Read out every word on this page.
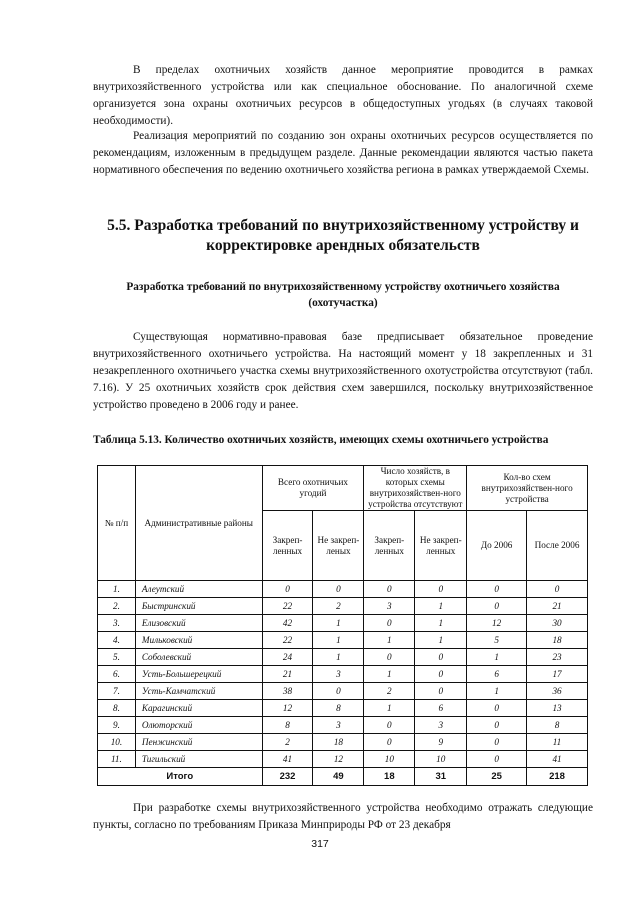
В пределах охотничьих хозяйств данное мероприятие проводится в рамках внутрихозяйственного устройства или как специальное обоснование. По аналогичной схеме организуется зона охраны охотничьих ресурсов в общедоступных угодьях (в случаях таковой необходимости).

Реализация мероприятий по созданию зон охраны охотничьих ресурсов осуществляется по рекомендациям, изложенным в предыдущем разделе. Данные рекомендации являются частью пакета нормативного обеспечения по ведению охотничьего хозяйства региона в рамках утверждаемой Схемы.

5.5. Разработка требований по внутрихозяйственному устройству и корректировке арендных обязательств
Разработка требований по внутрихозяйственному устройству охотничьего хозяйства (охотучастка)

Существующая нормативно-правовая базе предписывает обязательное проведение внутрихозяйственного охотничьего устройства. На настоящий момент у 18 закрепленных и 31 незакрепленного охотничьего участка схемы внутрихозяйственного охотустройства отсутствуют (табл. 7.16). У 25 охотничьих хозяйств срок действия схем завершился, поскольку внутрихозяйственное устройство проведено в 2006 году и ранее.

Таблица 5.13. Количество охотничьих хозяйств, имеющих схемы охотничьего устройства

№ п/п	Административные районы	Всего охотничьих угодий		Число хозяйств, в которых схемы внутрихозяйствен-ного устройства отсутствуют		Кол-во схем внутрихозяйствен-ного устройства	
		Закреп-ленных	Не закреп-леных	Закреп-ленных	Не закреп-ленных	До 2006	После 2006
1.	Алеутский	0	0	0	0	0	0
2.	Быстринский	22	2	3	1	0	21
3.	Елизовский	42	1	0	1	12	30
4.	Мильковский	22	1	1	1	5	18
5.	Соболевский	24	1	0	0	1	23
6.	Усть-Большерецкий	21	3	1	0	6	17
7.	Усть-Камчатский	38	0	2	0	1	36
8.	Карагинский	12	8	1	6	0	13
9.	Олюторский	8	3	0	3	0	8
10.	Пенжинский	2	18	0	9	0	11
11.	Тигильский	41	12	10	10	0	41
Итого		232	49	18	31	25	218

При разработке схемы внутрихозяйственного устройства необходимо отражать следующие пункты, согласно по требованиям Приказа Минприроды РФ от 23 декабря

317
